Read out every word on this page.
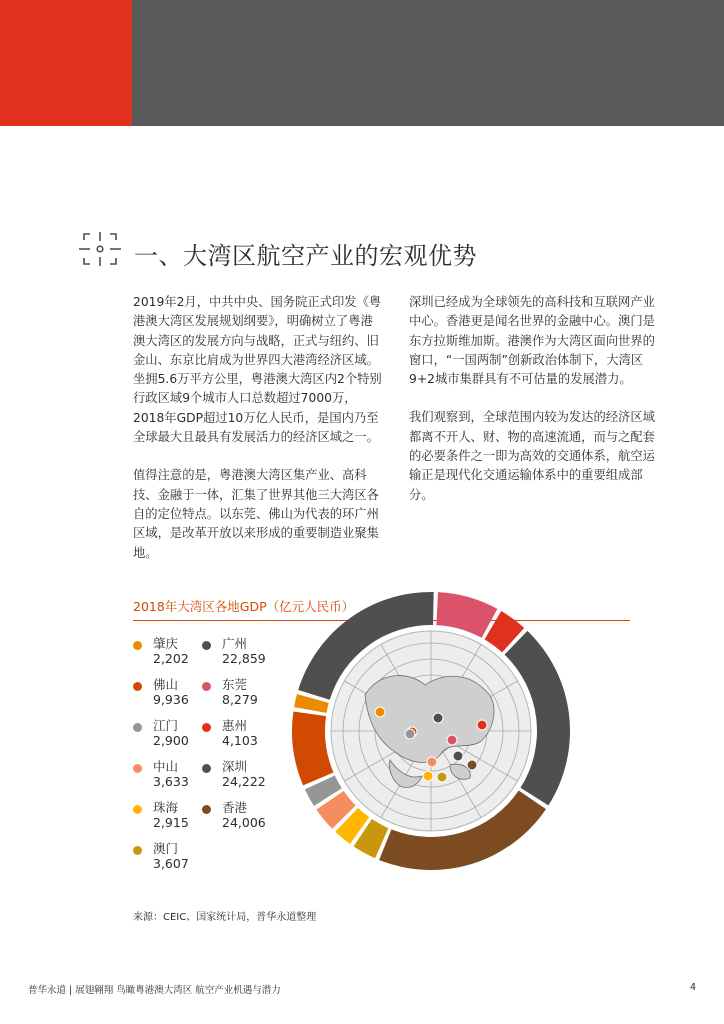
一、大湾区航空产业的宏观优势

2019年2月，中共中央、国务院正式印发《粤港澳大湾区发展规划纲要》，明确树立了粤港澳大湾区的发展方向与战略，正式与纽约、旧金山、东京比肩成为世界四大港湾经济区域。坐拥5.6万平方公里，粤港澳大湾区内2个特别行政区域9个城市人口总数超过7000万，2018年GDP超过10万亿人民币，是国内乃至全球最大且最具有发展活力的经济区域之一。

值得注意的是，粤港澳大湾区集产业、高科技、金融于一体，汇集了世界其他三大湾区各自的定位特点。以东莞、佛山为代表的环广州区域，是改革开放以来形成的重要制造业聚集地。

深圳已经成为全球领先的高科技和互联网产业中心。香港更是闻名世界的金融中心。澳门是东方拉斯维加斯。港澳作为大湾区面向世界的窗口，“一国两制”创新政治体制下，大湾区9+2城市集群具有不可估量的发展潜力。

我们观察到，全球范围内较为发达的经济区域都离不开人、财、物的高速流通，而与之配套的必要条件之一即为高效的交通体系，航空运输正是现代化交通运输体系中的重要组成部分。

2018年大湾区各地GDP（亿元人民币）
肇庆
2,202
广州
22,859
佛山
9,936
东莞
8,279
江门
2,900
惠州
4,103
中山
3,633
深圳
24,222
珠海
2,915
香港
24,006
澳门
3,607
来源：CEIC、国家统计局，普华永道整理
普华永道 | 展翅翱翔 鸟瞰粤港澳大湾区 航空产业机遇与潜力	4
